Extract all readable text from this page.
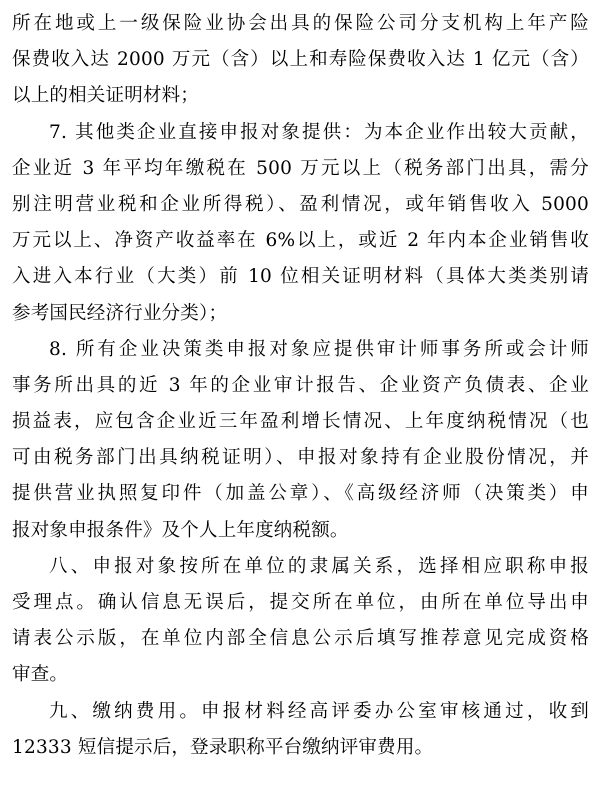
所在地或上一级保险业协会出具的保险公司分支机构上年产险
保费收入达 2000 万元（含）以上和寿险保费收入达 1 亿元（含）
以上的相关证明材料；
7. 其他类企业直接申报对象提供：为本企业作出较大贡献，
企业近 3 年平均年缴税在 500 万元以上（税务部门出具，需分
别注明营业税和企业所得税）、盈利情况，或年销售收入 5000
万元以上、净资产收益率在 6%以上，或近 2 年内本企业销售收
入进入本行业（大类）前 10 位相关证明材料（具体大类类别请
参考国民经济行业分类）；
8. 所有企业决策类申报对象应提供审计师事务所或会计师
事务所出具的近 3 年的企业审计报告、企业资产负债表、企业
损益表，应包含企业近三年盈利增长情况、上年度纳税情况（也
可由税务部门出具纳税证明）、申报对象持有企业股份情况，并
提供营业执照复印件（加盖公章）、《高级经济师（决策类）申
报对象申报条件》及个人上年度纳税额。
八、申报对象按所在单位的隶属关系，选择相应职称申报
受理点。确认信息无误后，提交所在单位，由所在单位导出申
请表公示版，在单位内部全信息公示后填写推荐意见完成资格
审查。
九、缴纳费用。申报材料经高评委办公室审核通过，收到
12333 短信提示后，登录职称平台缴纳评审费用。
